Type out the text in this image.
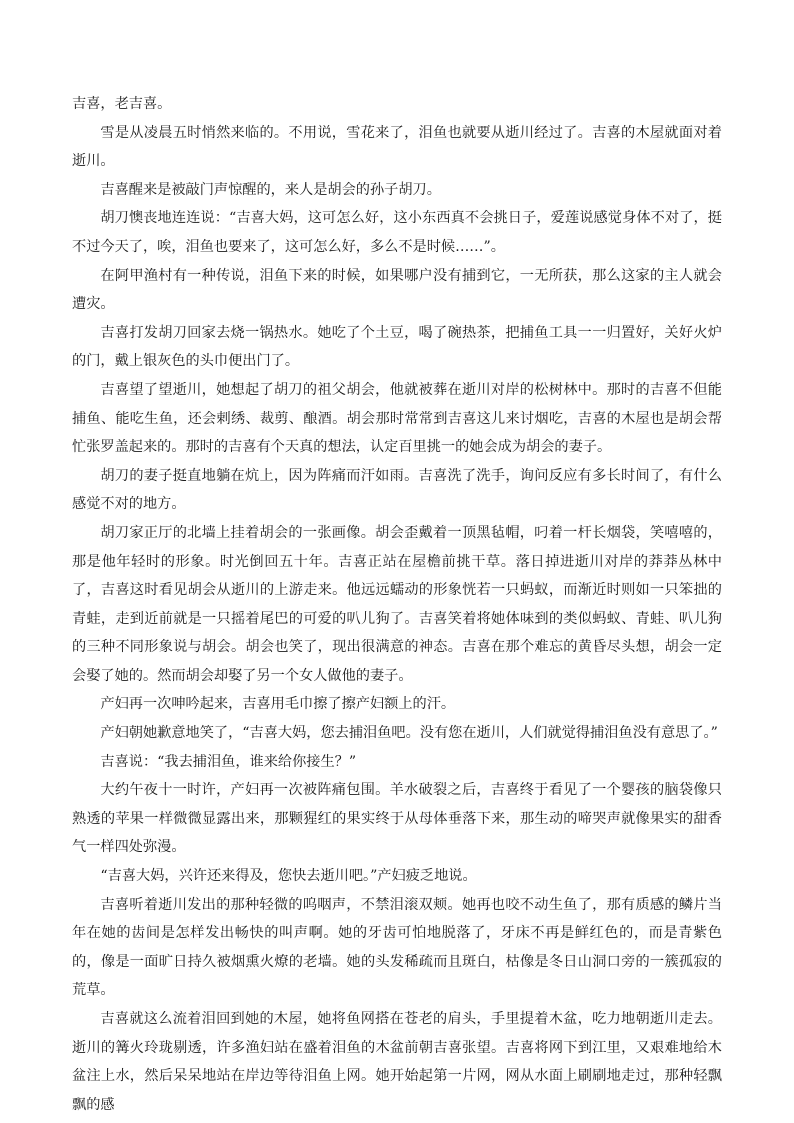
吉喜，老吉喜。

雪是从凌晨五时悄然来临的。不用说，雪花来了，泪鱼也就要从逝川经过了。吉喜的木屋就面对着逝川。

吉喜醒来是被敲门声惊醒的，来人是胡会的孙子胡刀。

胡刀懊丧地连连说：“吉喜大妈，这可怎么好，这小东西真不会挑日子，爱莲说感觉身体不对了，挺不过今天了，唉，泪鱼也要来了，这可怎么好，多么不是时候……”。

在阿甲渔村有一种传说，泪鱼下来的时候，如果哪户没有捕到它，一无所获，那么这家的主人就会遭灾。

吉喜打发胡刀回家去烧一锅热水。她吃了个土豆，喝了碗热茶，把捕鱼工具一一归置好，关好火炉的门，戴上银灰色的头巾便出门了。

吉喜望了望逝川，她想起了胡刀的祖父胡会，他就被葬在逝川对岸的松树林中。那时的吉喜不但能捕鱼、能吃生鱼，还会剌绣、裁剪、酿酒。胡会那时常常到吉喜这儿来讨烟吃，吉喜的木屋也是胡会帮忙张罗盖起来的。那时的吉喜有个天真的想法，认定百里挑一的她会成为胡会的妻子。

胡刀的妻子挺直地躺在炕上，因为阵痛而汗如雨。吉喜洗了洗手，询问反应有多长时间了，有什么感觉不对的地方。

胡刀家正厅的北墙上挂着胡会的一张画像。胡会歪戴着一顶黑毡帽，叼着一杆长烟袋，笑嘻嘻的，那是他年轻时的形象。时光倒回五十年。吉喜正站在屋檐前挑干草。落日掉进逝川对岸的莽莽丛林中了，吉喜这时看见胡会从逝川的上游走来。他远远蠕动的形象恍若一只蚂蚁，而渐近时则如一只笨拙的青蛙，走到近前就是一只摇着尾巴的可爱的叭儿狗了。吉喜笑着将她体味到的类似蚂蚁、青蛙、叭儿狗的三种不同形象说与胡会。胡会也笑了，现出很满意的神态。吉喜在那个难忘的黄昏尽头想，胡会一定会娶了她的。然而胡会却娶了另一个女人做他的妻子。

产妇再一次呻吟起来，吉喜用毛巾擦了擦产妇额上的汗。

产妇朝她歉意地笑了，“吉喜大妈，您去捕泪鱼吧。没有您在逝川，人们就觉得捕泪鱼没有意思了。”

吉喜说：“我去捕泪鱼，谁来给你接生？”

大约午夜十一时许，产妇再一次被阵痛包围。羊水破裂之后，吉喜终于看见了一个婴孩的脑袋像只熟透的苹果一样微微显露出来，那颗猩红的果实终于从母体垂落下来，那生动的啼哭声就像果实的甜香气一样四处弥漫。

“吉喜大妈，兴许还来得及，您快去逝川吧。”产妇疲乏地说。

吉喜听着逝川发出的那种轻微的呜咽声，不禁泪滚双颊。她再也咬不动生鱼了，那有质感的鳞片当年在她的齿间是怎样发出畅快的叫声啊。她的牙齿可怕地脱落了，牙床不再是鲜红色的，而是青紫色的，像是一面旷日持久被烟熏火燎的老墙。她的头发稀疏而且斑白，枯像是冬日山洞口旁的一簇孤寂的荒草。

吉喜就这么流着泪回到她的木屋，她将鱼网搭在苍老的肩头，手里提着木盆，吃力地朝逝川走去。逝川的篝火玲珑剔透，许多渔妇站在盛着泪鱼的木盆前朝吉喜张望。吉喜将网下到江里，又艰难地给木盆注上水，然后呆呆地站在岸边等待泪鱼上网。她开始起第一片网，网从水面上刷刷地走过，那种轻飘飘的感
